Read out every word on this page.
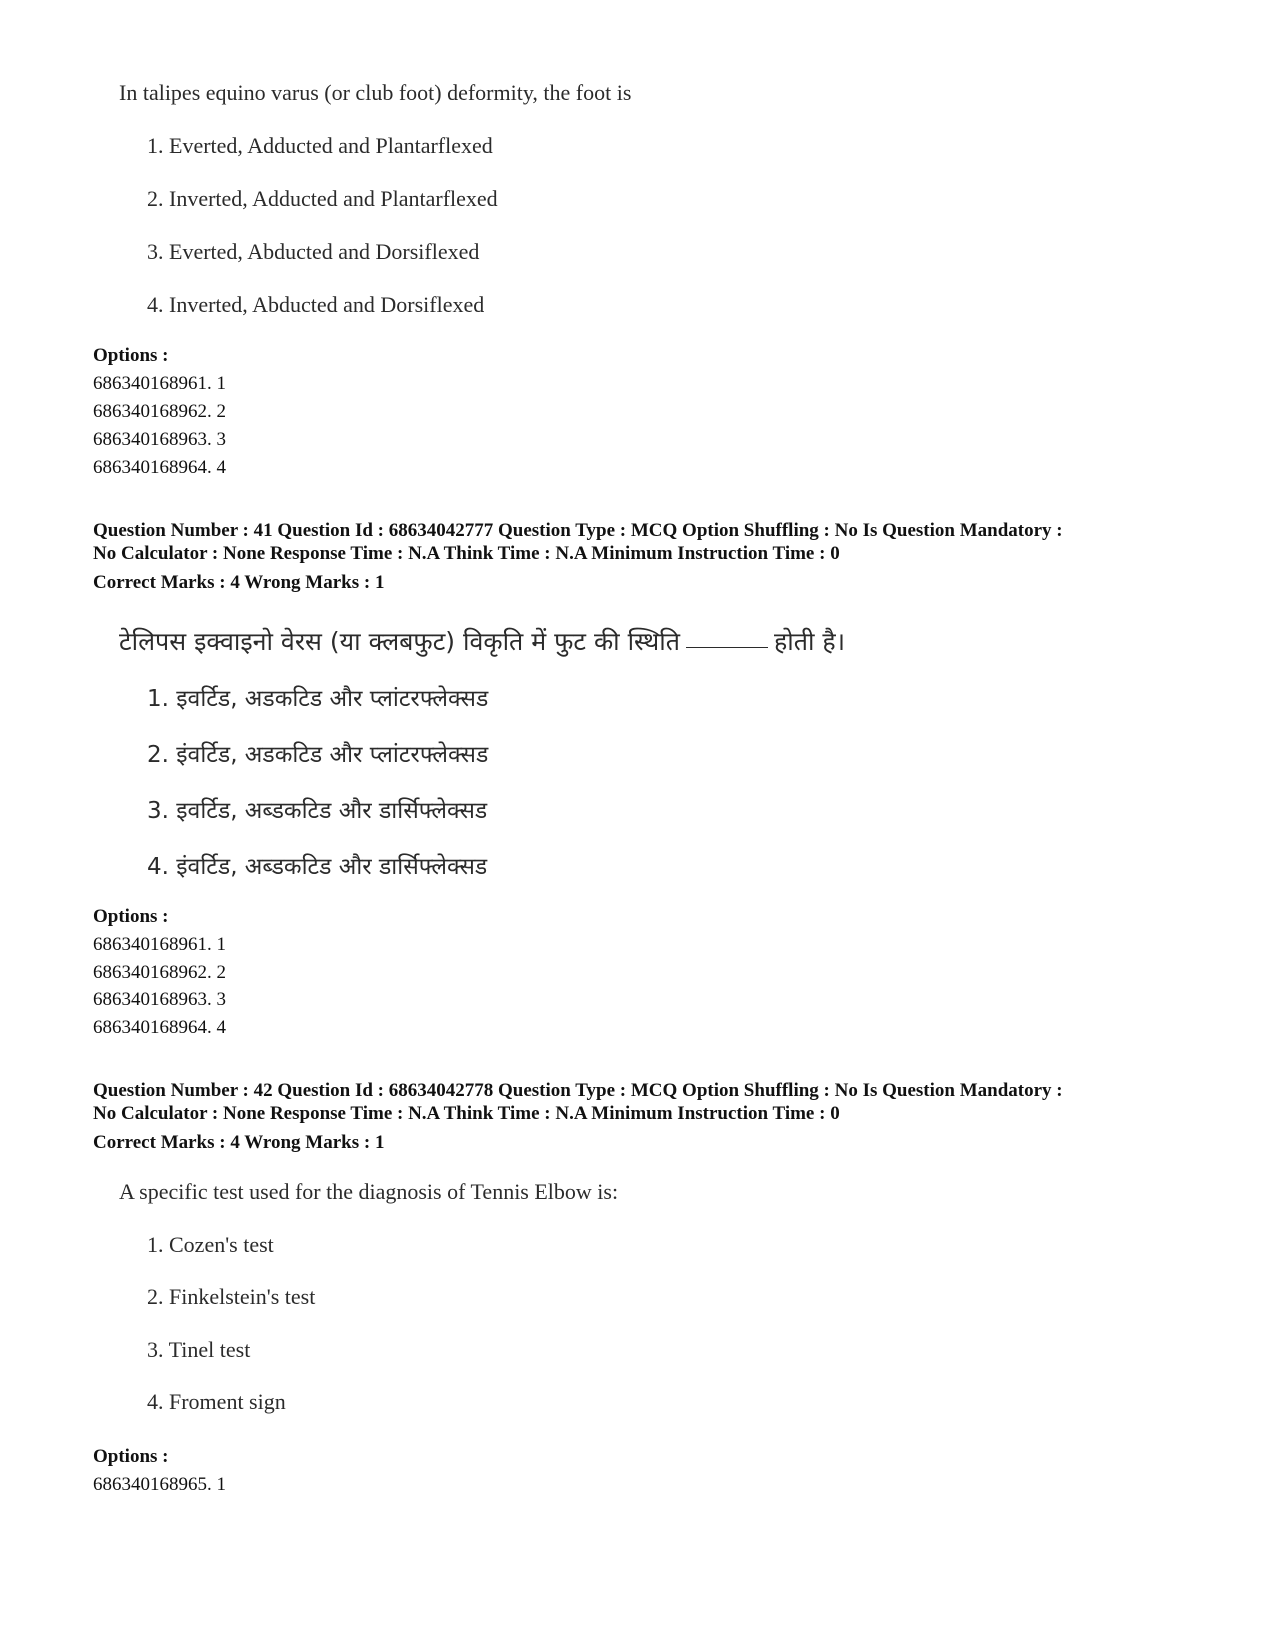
In talipes equino varus (or club foot) deformity, the foot is
1. Everted, Adducted and Plantarflexed
2. Inverted, Adducted and Plantarflexed
3. Everted, Abducted and Dorsiflexed
4. Inverted, Abducted and Dorsiflexed
Options :
686340168961. 1
686340168962. 2
686340168963. 3
686340168964. 4
Question Number : 41 Question Id : 68634042777 Question Type : MCQ Option Shuffling : No Is Question Mandatory :
No Calculator : None Response Time : N.A Think Time : N.A Minimum Instruction Time : 0
Correct Marks : 4 Wrong Marks : 1
टेलिपस इक्वाइनो वेरस (या क्लबफुट) विकृति में फुट की स्थिति	होती है।
1. इवर्टिड, अडकटिड और प्लांटरफ्लेक्सड
2. इंवर्टिड, अडकटिड और प्लांटरफ्लेक्सड
3. इवर्टिड, अब्डकटिड और डार्सिफ्लेक्सड
4. इंवर्टिड, अब्डकटिड और डार्सिफ्लेक्सड
Options :
686340168961. 1
686340168962. 2
686340168963. 3
686340168964. 4
Question Number : 42 Question Id : 68634042778 Question Type : MCQ Option Shuffling : No Is Question Mandatory :
No Calculator : None Response Time : N.A Think Time : N.A Minimum Instruction Time : 0
Correct Marks : 4 Wrong Marks : 1
A specific test used for the diagnosis of Tennis Elbow is:
1. Cozen's test
2. Finkelstein's test
3. Tinel test
4. Froment sign
Options :
686340168965. 1
